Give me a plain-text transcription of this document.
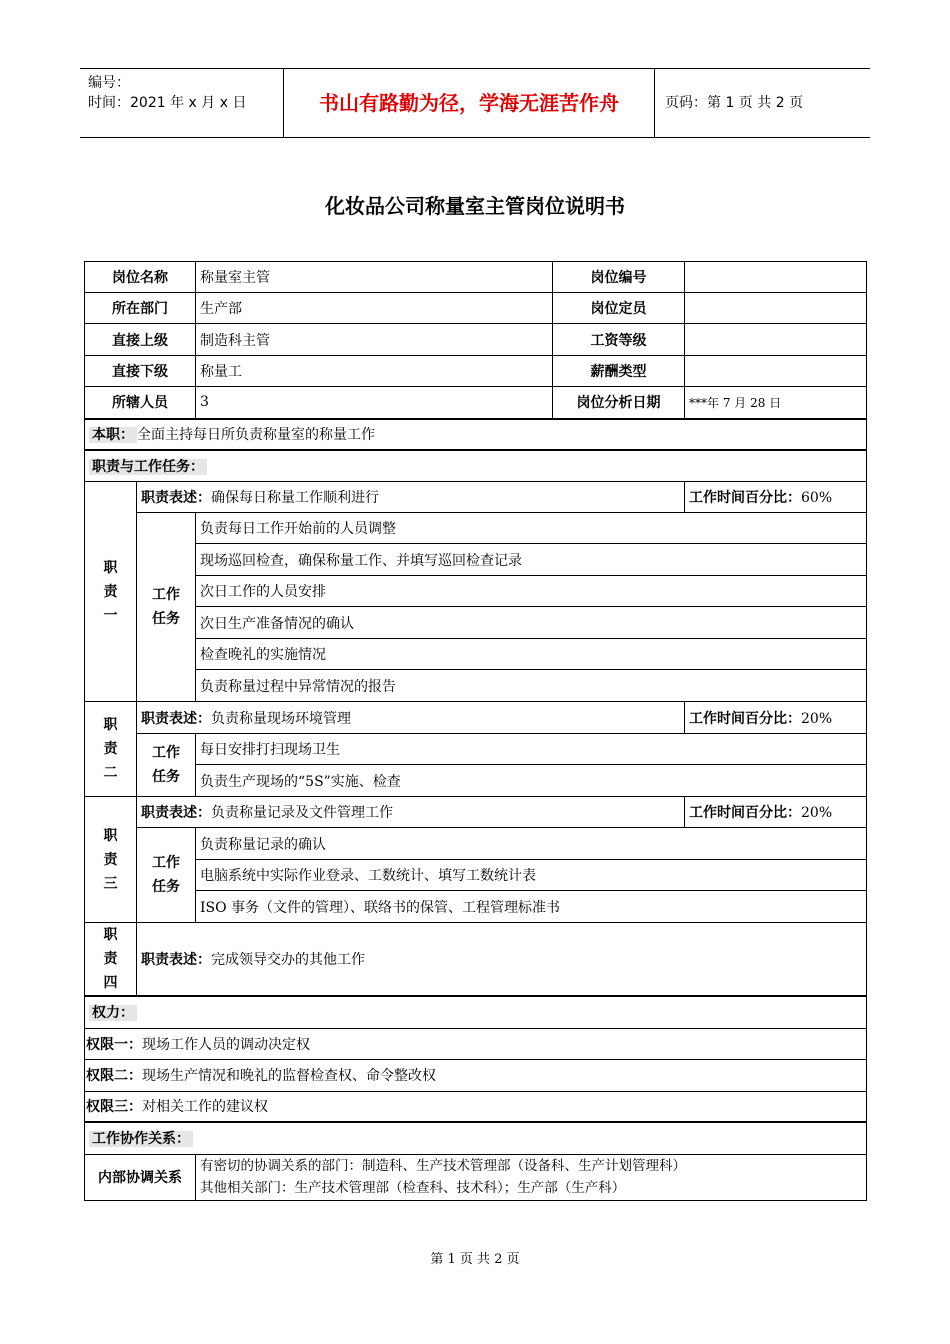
编号：
时间：2021 年 x 月 x 日	书山有路勤为径，学海无涯苦作舟	页码：第 1 页 共 2 页
化妆品公司称量室主管岗位说明书
岗位名称		称量室主管	岗位编号	
所在部门		生产部	岗位定员	
直接上级		制造科主管	工资等级	
直接下级		称量工	薪酬类型	
所辖人员		3	岗位分析日期	***年 7 月 28 日
本职： 全面主持每日所负责称量室的称量工作				
职责与工作任务：				
职责一	职责表述：确保每日称量工作顺利进行			工作时间百分比：60%
	工作任务	负责每日工作开始前的人员调整		
		现场巡回检查，确保称量工作、并填写巡回检查记录		
		次日工作的人员安排		
		次日生产准备情况的确认		
		检查晚礼的实施情况		
		负责称量过程中异常情况的报告		
职责二	职责表述：负责称量现场环境管理			工作时间百分比：20%
	工作任务	每日安排打扫现场卫生		
		负责生产现场的“5S”实施、检查		
职责三	职责表述：负责称量记录及文件管理工作			工作时间百分比：20%
	工作任务	负责称量记录的确认		
		电脑系统中实际作业登录、工数统计、填写工数统计表		
		ISO 事务（文件的管理）、联络书的保管、工程管理标准书		
职责四	职责表述：完成领导交办的其他工作			
权力：				
权限一：现场工作人员的调动决定权				
权限二：现场生产情况和晚礼的监督检查权、命令整改权				
权限三：对相关工作的建议权				
工作协作关系：				
内部协调关系		有密切的协调关系的部门：制造科、生产技术管理部（设备科、生产计划管理科）
其他相关部门：生产技术管理部（检查科、技术科）；生产部（生产科）		
第 1 页 共 2 页
